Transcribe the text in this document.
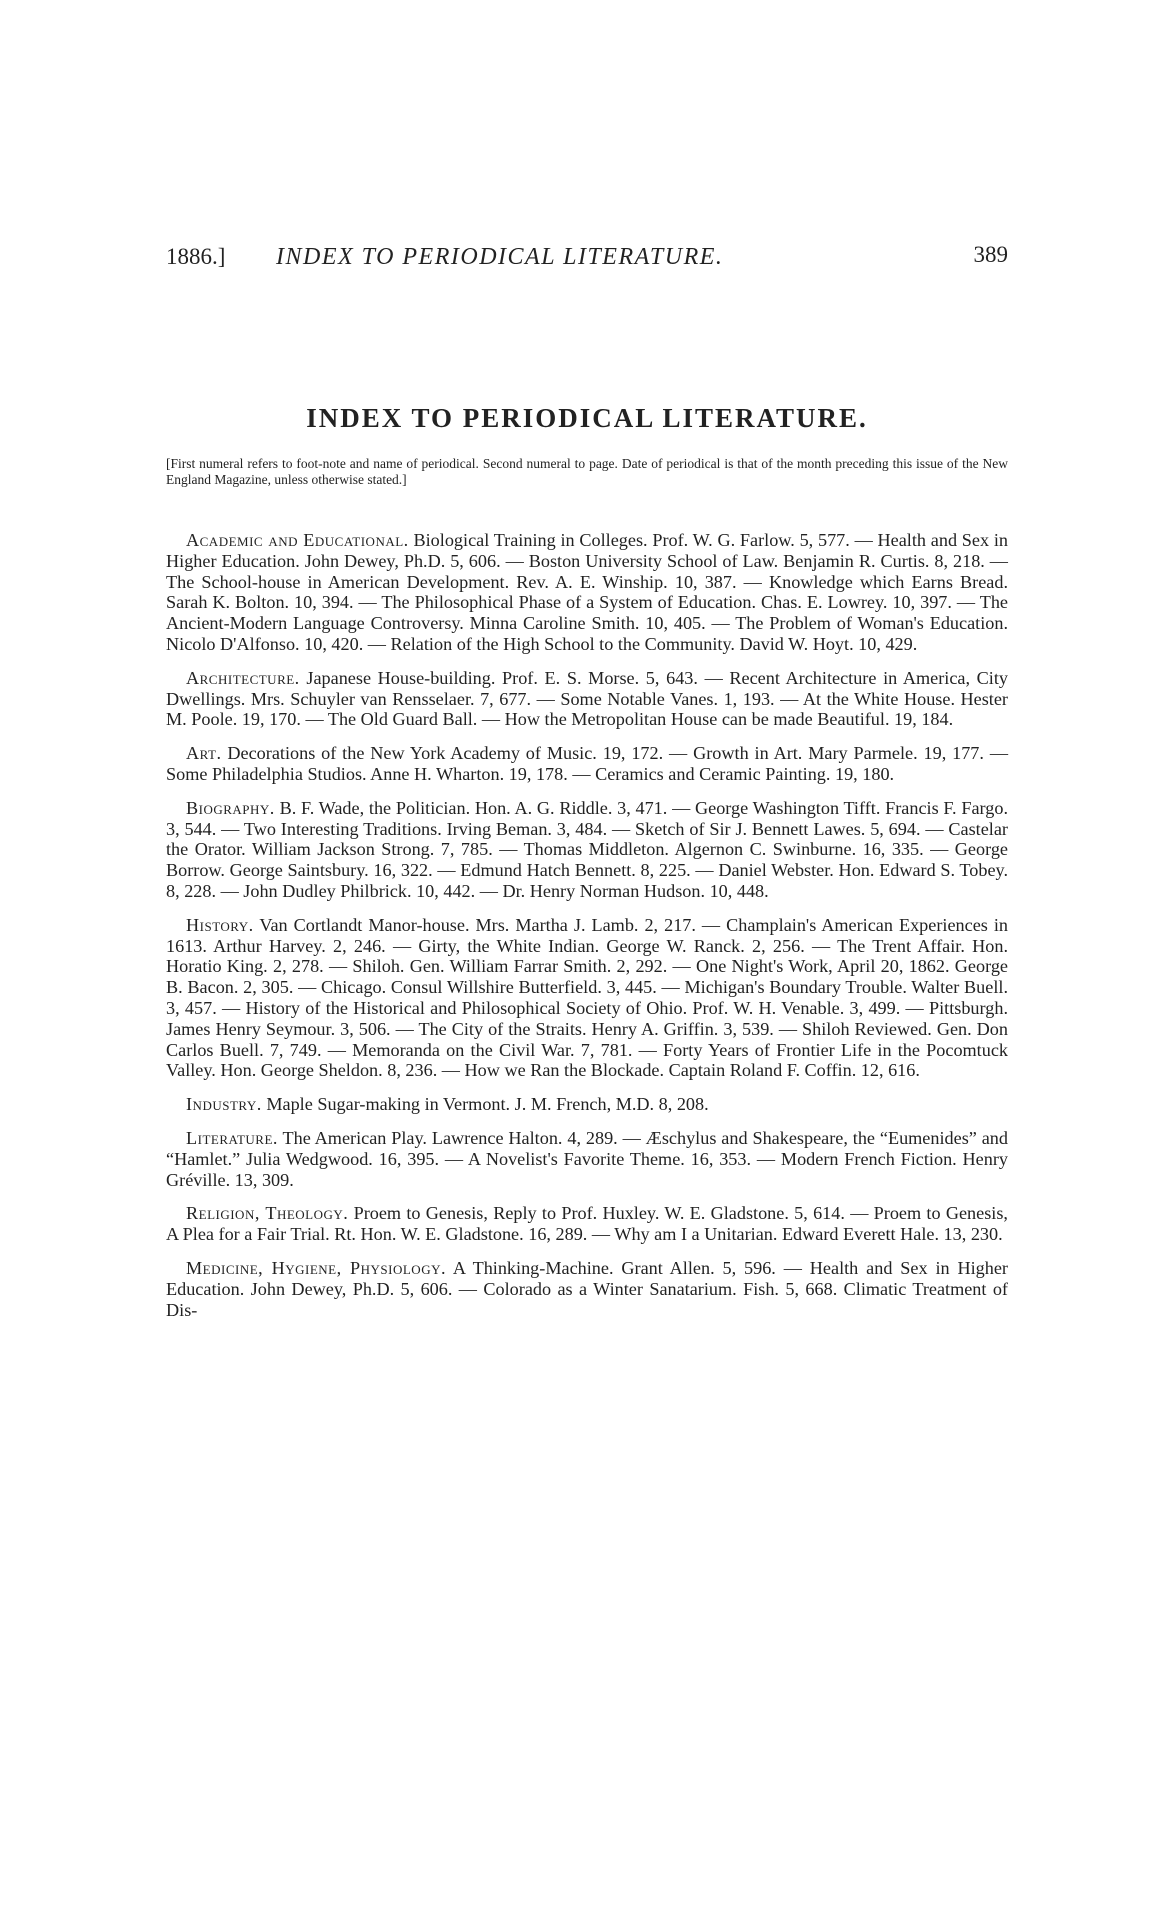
1886.] INDEX TO PERIODICAL LITERATURE.	389
INDEX TO PERIODICAL LITERATURE.
[First numeral refers to foot-note and name of periodical. Second numeral to page. Date of periodical is that of the month preceding this issue of the New England Magazine, unless otherwise stated.]

Academic and Educational. Biological Training in Colleges. Prof. W. G. Farlow. 5, 577. — Health and Sex in Higher Education. John Dewey, Ph.D. 5, 606. — Boston University School of Law. Benjamin R. Curtis. 8, 218. — The School-house in American Development. Rev. A. E. Winship. 10, 387. — Knowledge which Earns Bread. Sarah K. Bolton. 10, 394. — The Philosophical Phase of a System of Education. Chas. E. Lowrey. 10, 397. — The Ancient-Modern Language Controversy. Minna Caroline Smith. 10, 405. — The Problem of Woman's Education. Nicolo D'Alfonso. 10, 420. — Relation of the High School to the Community. David W. Hoyt. 10, 429.

Architecture. Japanese House-building. Prof. E. S. Morse. 5, 643. — Recent Architecture in America, City Dwellings. Mrs. Schuyler van Rensselaer. 7, 677. — Some Notable Vanes. 1, 193. — At the White House. Hester M. Poole. 19, 170. — The Old Guard Ball. — How the Metropolitan House can be made Beautiful. 19, 184.

Art. Decorations of the New York Academy of Music. 19, 172. — Growth in Art. Mary Parmele. 19, 177. — Some Philadelphia Studios. Anne H. Wharton. 19, 178. — Ceramics and Ceramic Painting. 19, 180.

Biography. B. F. Wade, the Politician. Hon. A. G. Riddle. 3, 471. — George Washington Tifft. Francis F. Fargo. 3, 544. — Two Interesting Traditions. Irving Beman. 3, 484. — Sketch of Sir J. Bennett Lawes. 5, 694. — Castelar the Orator. William Jackson Strong. 7, 785. — Thomas Middleton. Algernon C. Swinburne. 16, 335. — George Borrow. George Saintsbury. 16, 322. — Edmund Hatch Bennett. 8, 225. — Daniel Webster. Hon. Edward S. Tobey. 8, 228. — John Dudley Philbrick. 10, 442. — Dr. Henry Norman Hudson. 10, 448.

History. Van Cortlandt Manor-house. Mrs. Martha J. Lamb. 2, 217. — Champlain's American Experiences in 1613. Arthur Harvey. 2, 246. — Girty, the White Indian. George W. Ranck. 2, 256. — The Trent Affair. Hon. Horatio King. 2, 278. — Shiloh. Gen. William Farrar Smith. 2, 292. — One Night's Work, April 20, 1862. George B. Bacon. 2, 305. — Chicago. Consul Willshire Butterfield. 3, 445. — Michigan's Boundary Trouble. Walter Buell. 3, 457. — History of the Historical and Philosophical Society of Ohio. Prof. W. H. Venable. 3, 499. — Pittsburgh. James Henry Seymour. 3, 506. — The City of the Straits. Henry A. Griffin. 3, 539. — Shiloh Reviewed. Gen. Don Carlos Buell. 7, 749. — Memoranda on the Civil War. 7, 781. — Forty Years of Frontier Life in the Pocomtuck Valley. Hon. George Sheldon. 8, 236. — How we Ran the Blockade. Captain Roland F. Coffin. 12, 616.

Industry. Maple Sugar-making in Vermont. J. M. French, M.D. 8, 208.

Literature. The American Play. Lawrence Halton. 4, 289. — Æschylus and Shakespeare, the “Eumenides” and “Hamlet.” Julia Wedgwood. 16, 395. — A Novelist's Favorite Theme. 16, 353. — Modern French Fiction. Henry Gréville. 13, 309.

Religion, Theology. Proem to Genesis, Reply to Prof. Huxley. W. E. Gladstone. 5, 614. — Proem to Genesis, A Plea for a Fair Trial. Rt. Hon. W. E. Gladstone. 16, 289. — Why am I a Unitarian. Edward Everett Hale. 13, 230.

Medicine, Hygiene, Physiology. A Thinking-Machine. Grant Allen. 5, 596. — Health and Sex in Higher Education. John Dewey, Ph.D. 5, 606. — Colorado as a Winter Sanatarium. Fish. 5, 668. Climatic Treatment of Dis-
